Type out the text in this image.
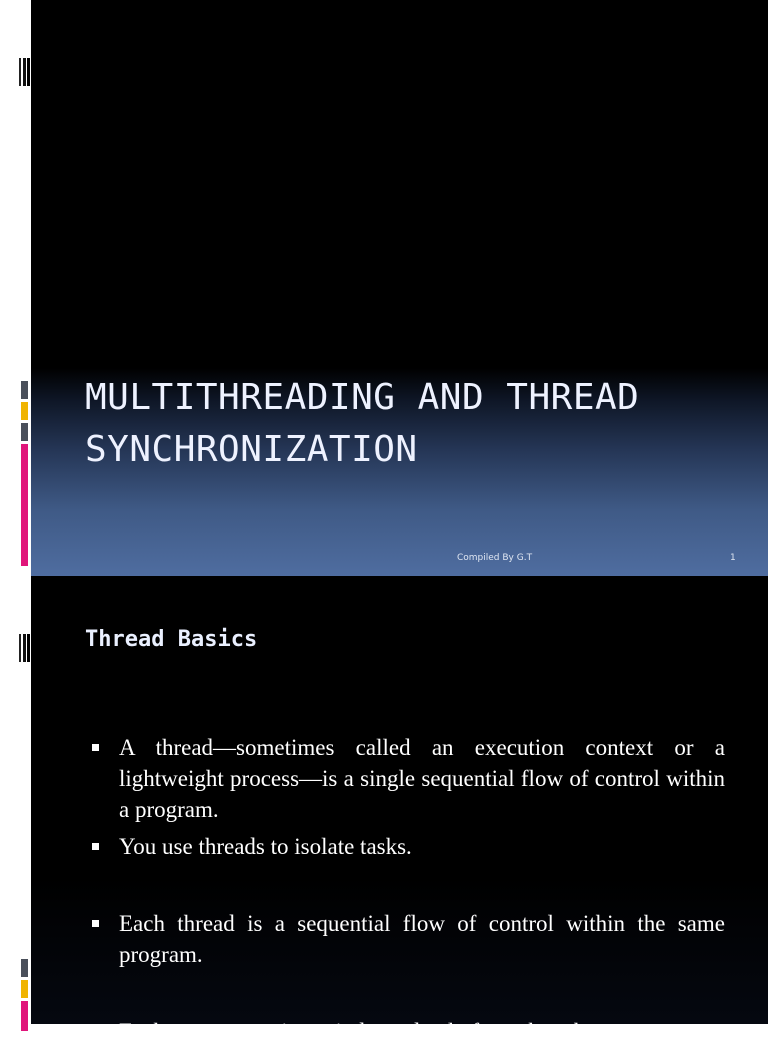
MULTITHREADING AND THREAD
SYNCHRONIZATION
Compiled By G.T	1
Thread Basics
A thread—sometimes called an execution context or a lightweight process—is a single sequential flow of control within a program.
You use threads to isolate tasks.
Each thread is a sequential flow of control within the same program.
Each partner continues independently from the other
